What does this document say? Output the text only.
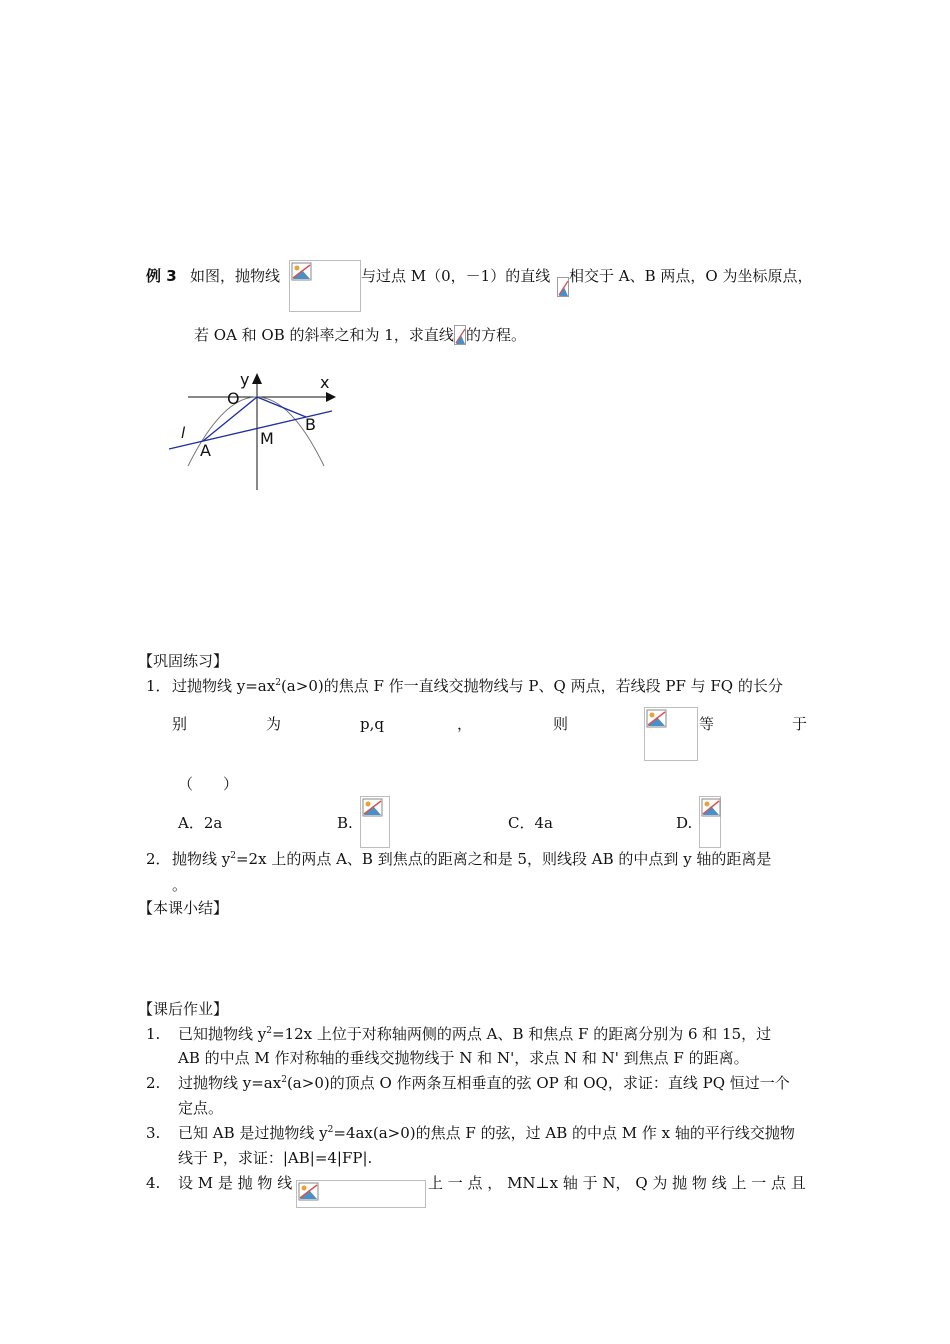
例 3 如图，抛物线	与过点 M（0，－1）的直线 相交于 A、B 两点，O 为坐标原点，
若 OA 和 OB 的斜率之和为 1，求直线 的方程。
y	x
O
B
l	M
A
【巩固练习】
1． 过抛物线 $y=ax^2(a>0)$的焦点 F 作一直线交抛物线与 P、Q 两点，若线段 PF 与 FQ 的长分
别	为	p,q	，	则	等	于
（　　）
A．2a	B.	C．4a	D.
2． 抛物线 $y^2=2x$ 上的两点 A、B 到焦点的距离之和是 5，则线段 AB 的中点到 y 轴的距离是
。
【本课小结】
【课后作业】
1. 已知抛物线 $y^2=12x$ 上位于对称轴两侧的两点 A、B 和焦点 F 的距离分别为 6 和 15，过
AB 的中点 M 作对称轴的垂线交抛物线于 N 和 N'，求点 N 和 N' 到焦点 F 的距离。
2. 过抛物线 $y=ax^2(a>0)$的顶点 O 作两条互相垂直的弦 OP 和 OQ，求证：直线 PQ 恒过一个
定点。
3. 已知 AB 是过抛物线 $y^2=4ax(a>0)$的焦点 F 的弦，过 AB 的中点 M 作 x 轴的平行线交抛物
线于 P，求证：|AB|=4|FP|.
4. 设 M 是 抛 物 线	上 一 点 ， MN⊥x 轴 于 N， Q 为 抛 物 线 上 一 点 且
